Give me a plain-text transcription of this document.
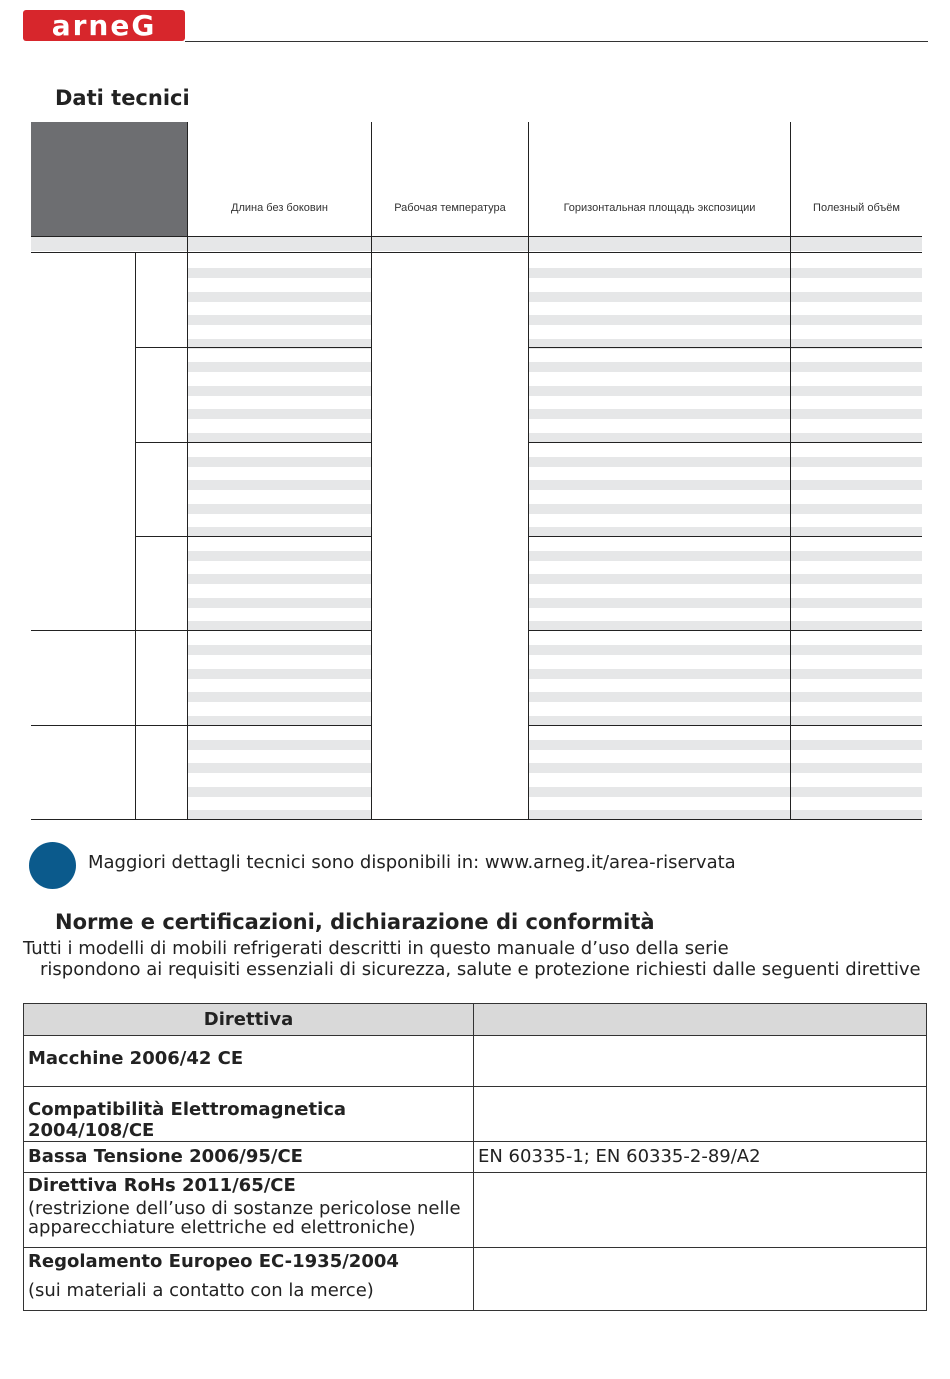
arneG
Dati tecnici
Длина без боковин	Рабочая температура	Горизонтальная площадь экспозиции	Полезный объём
Maggiori dettagli tecnici sono disponibili in: www.arneg.it/area-riservata
Norme e certificazioni, dichiarazione di conformità
Tutti i modelli di mobili refrigerati descritti in questo manuale d’uso della serie
rispondono ai requisiti essenziali di sicurezza, salute e protezione richiesti dalle seguenti direttive
Direttiva	
Macchine 2006/42 CE	
Compatibilità Elettromagnetica 2004/108/CE	
Bassa Tensione 2006/95/CE	EN 60335-1; EN 60335-2-89/A2

Direttiva RoHs 2011/65/CE
(restrizione dell’uso di sostanze pericolose nelle apparecchiature elettriche ed elettroniche)	

Regolamento Europeo EC-1935/2004
(sui materiali a contatto con la merce)	
